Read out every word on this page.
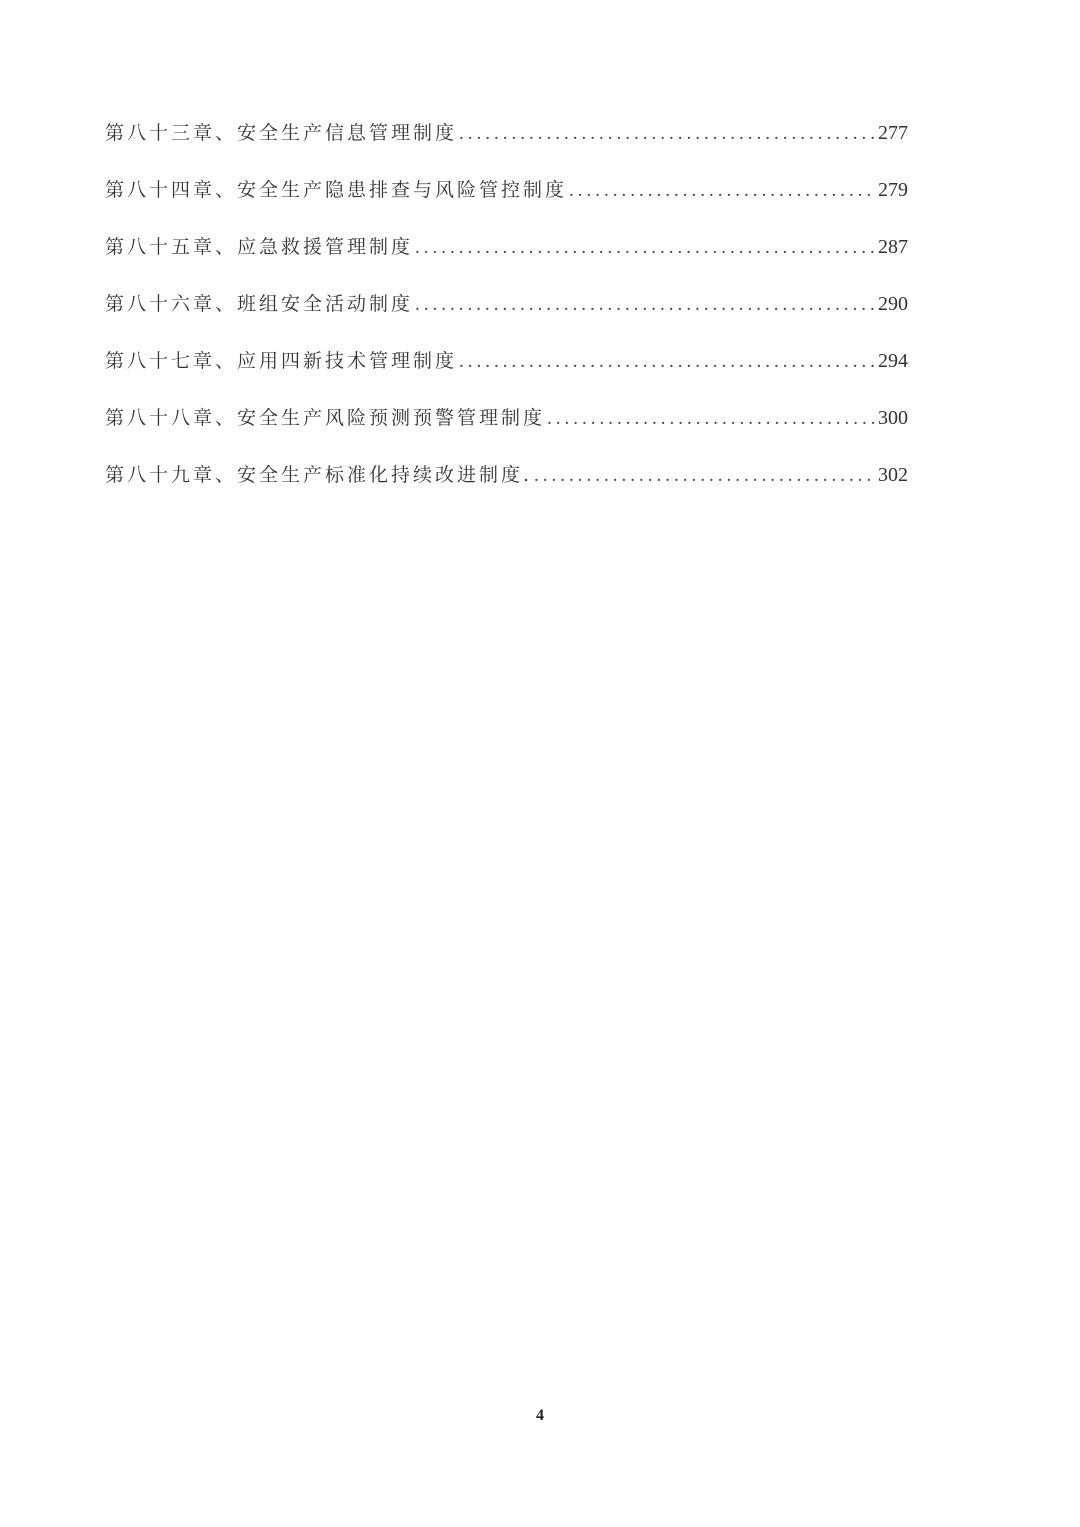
第八十三章、安全生产信息管理制度 .....	277
第八十四章、安全生产隐患排查与风险管控制度 .....	279
第八十五章、应急救援管理制度 .....	287
第八十六章、班组安全活动制度 .....	290
第八十七章、应用四新技术管理制度 .....	294
第八十八章、安全生产风险预测预警管理制度 .....	300
第八十九章、安全生产标准化持续改进制度. .....	302
4
